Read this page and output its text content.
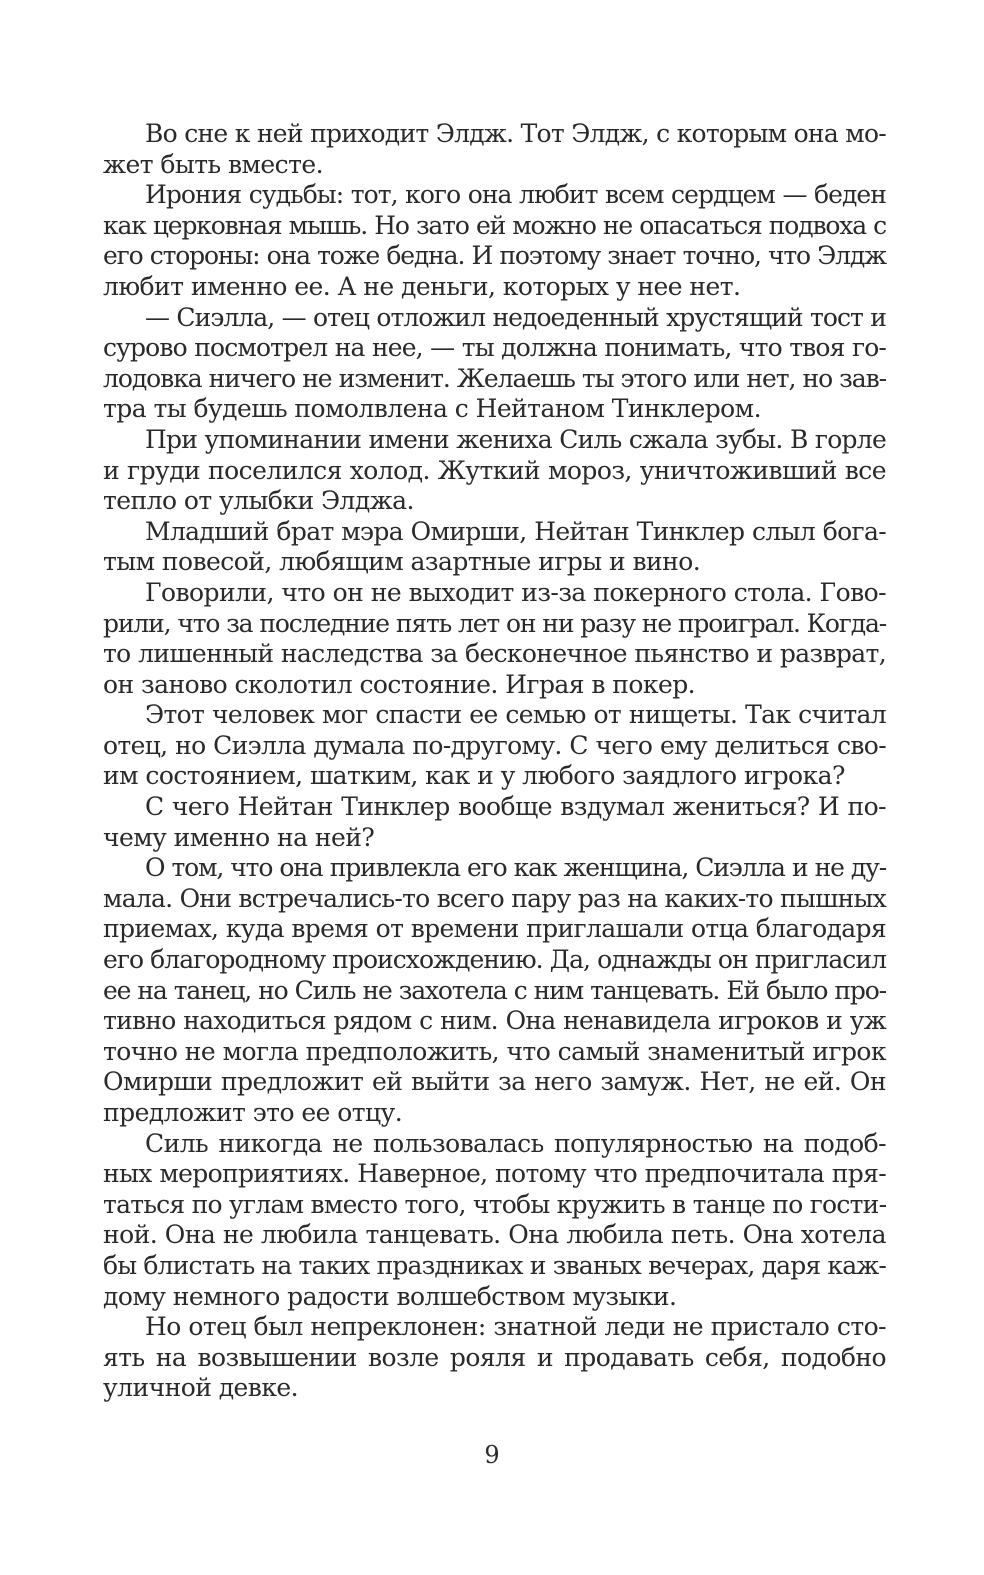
Во сне к ней приходит Элдж. Тот Элдж, с которым она мо-
жет быть вместе.
Ирония судьбы: тот, кого она любит всем сердцем — беден
как церковная мышь. Но зато ей можно не опасаться подвоха с
его стороны: она тоже бедна. И поэтому знает точно, что Элдж
любит именно ее. А не деньги, которых у нее нет.
— Сиэлла, — отец отложил недоеденный хрустящий тост и
сурово посмотрел на нее, — ты должна понимать, что твоя го-
лодовка ничего не изменит. Желаешь ты этого или нет, но зав-
тра ты будешь помолвлена с Нейтаном Тинклером.
При упоминании имени жениха Силь сжала зубы. В горле
и груди поселился холод. Жуткий мороз, уничтоживший все
тепло от улыбки Элджа.
Младший брат мэра Омирши, Нейтан Тинклер слыл бога-
тым повесой, любящим азартные игры и вино.
Говорили, что он не выходит из-за покерного стола. Гово-
рили, что за последние пять лет он ни разу не проиграл. Когда-
то лишенный наследства за бесконечное пьянство и разврат,
он заново сколотил состояние. Играя в покер.
Этот человек мог спасти ее семью от нищеты. Так считал
отец, но Сиэлла думала по-другому. С чего ему делиться сво-
им состоянием, шатким, как и у любого заядлого игрока?
С чего Нейтан Тинклер вообще вздумал жениться? И по-
чему именно на ней?
О том, что она привлекла его как женщина, Сиэлла и не ду-
мала. Они встречались-то всего пару раз на каких-то пышных
приемах, куда время от времени приглашали отца благодаря
его благородному происхождению. Да, однажды он пригласил
ее на танец, но Силь не захотела с ним танцевать. Ей было про-
тивно находиться рядом с ним. Она ненавидела игроков и уж
точно не могла предположить, что самый знаменитый игрок
Омирши предложит ей выйти за него замуж. Нет, не ей. Он
предложит это ее отцу.
Силь никогда не пользовалась популярностью на подоб-
ных мероприятиях. Наверное, потому что предпочитала пря-
таться по углам вместо того, чтобы кружить в танце по гости-
ной. Она не любила танцевать. Она любила петь. Она хотела
бы блистать на таких праздниках и званых вечерах, даря каж-
дому немного радости волшебством музыки.
Но отец был непреклонен: знатной леди не пристало сто-
ять на возвышении возле рояля и продавать себя, подобно
уличной девке.
9
